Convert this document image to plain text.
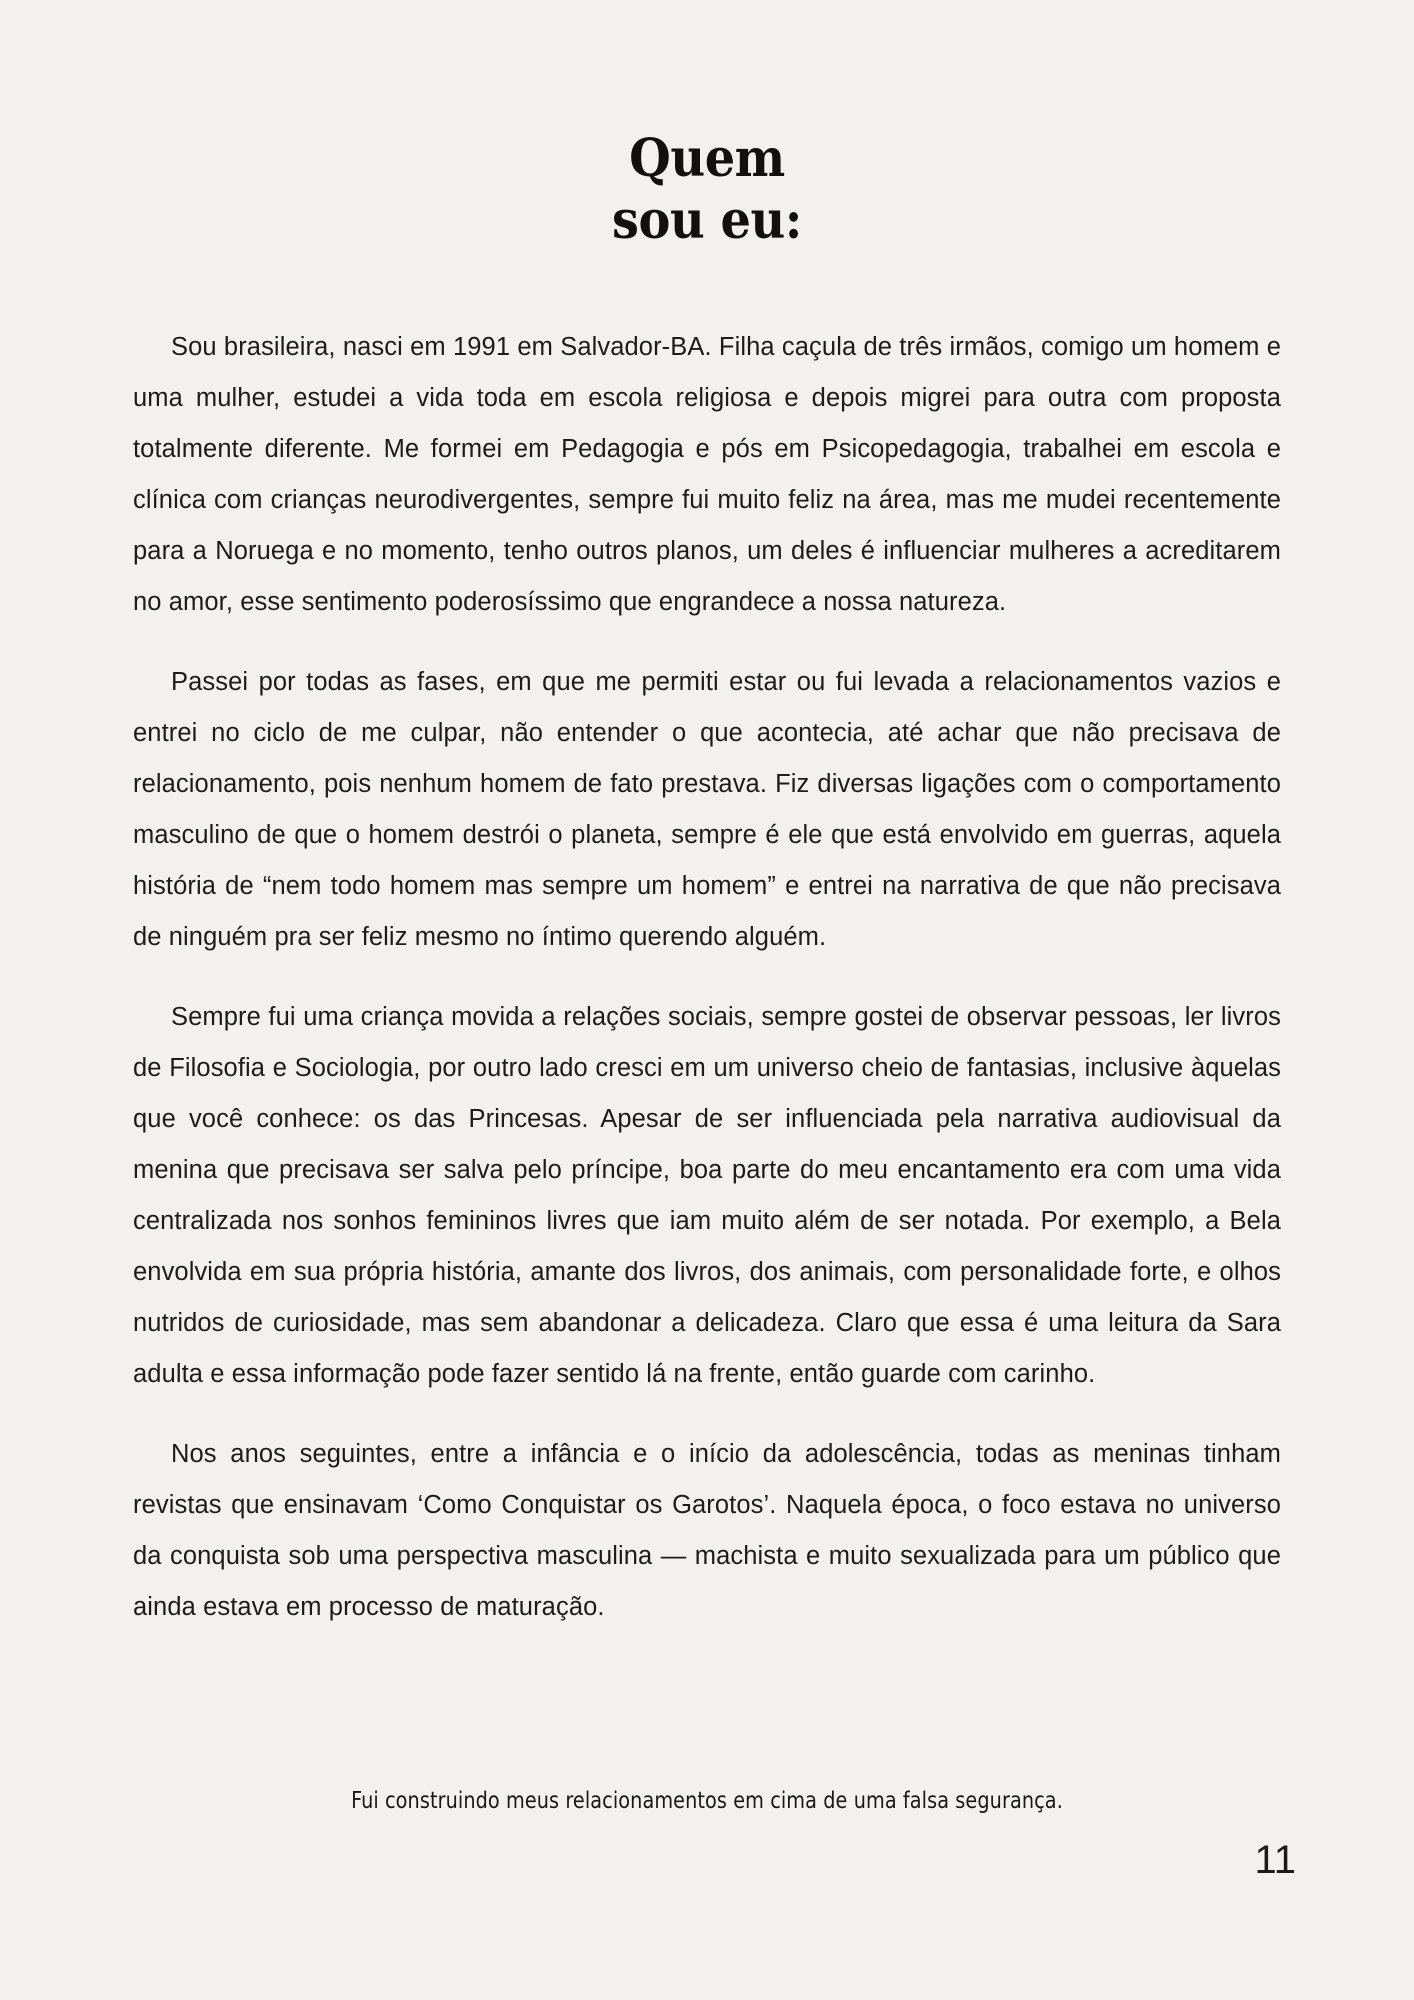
Quem
sou eu:

Sou brasileira, nasci em 1991 em Salvador-BA. Filha caçula de três irmãos, comigo um homem e uma mulher, estudei a vida toda em escola religiosa e depois migrei para outra com proposta totalmente diferente. Me formei em Pedagogia e pós em Psicopedagogia, trabalhei em escola e clínica com crianças neurodivergentes, sempre fui muito feliz na área, mas me mudei recentemente para a Noruega e no momento, tenho outros planos, um deles é influenciar mulheres a acreditarem no amor, esse sentimento poderosíssimo que engrandece a nossa natureza.

Passei por todas as fases, em que me permiti estar ou fui levada a relacionamentos vazios e entrei no ciclo de me culpar, não entender o que acontecia, até achar que não precisava de relacionamento, pois nenhum homem de fato prestava. Fiz diversas ligações com o comportamento masculino de que o homem destrói o planeta, sempre é ele que está envolvido em guerras, aquela história de “nem todo homem mas sempre um homem” e entrei na narrativa de que não precisava de ninguém pra ser feliz mesmo no íntimo querendo alguém.

Sempre fui uma criança movida a relações sociais, sempre gostei de observar pessoas, ler livros de Filosofia e Sociologia, por outro lado cresci em um universo cheio de fantasias, inclusive àquelas que você conhece: os das Princesas. Apesar de ser influenciada pela narrativa audiovisual da menina que precisava ser salva pelo príncipe, boa parte do meu encantamento era com uma vida centralizada nos sonhos femininos livres que iam muito além de ser notada. Por exemplo, a Bela envolvida em sua própria história, amante dos livros, dos animais, com personalidade forte, e olhos nutridos de curiosidade, mas sem abandonar a delicadeza. Claro que essa é uma leitura da Sara adulta e essa informação pode fazer sentido lá na frente, então guarde com carinho.

Nos anos seguintes, entre a infância e o início da adolescência, todas as meninas tinham revistas que ensinavam ‘Como Conquistar os Garotos’. Naquela época, o foco estava no universo da conquista sob uma perspectiva masculina — machista e muito sexualizada para um público que ainda estava em processo de maturação.

Fui construindo meus relacionamentos em cima de uma falsa segurança.
11
